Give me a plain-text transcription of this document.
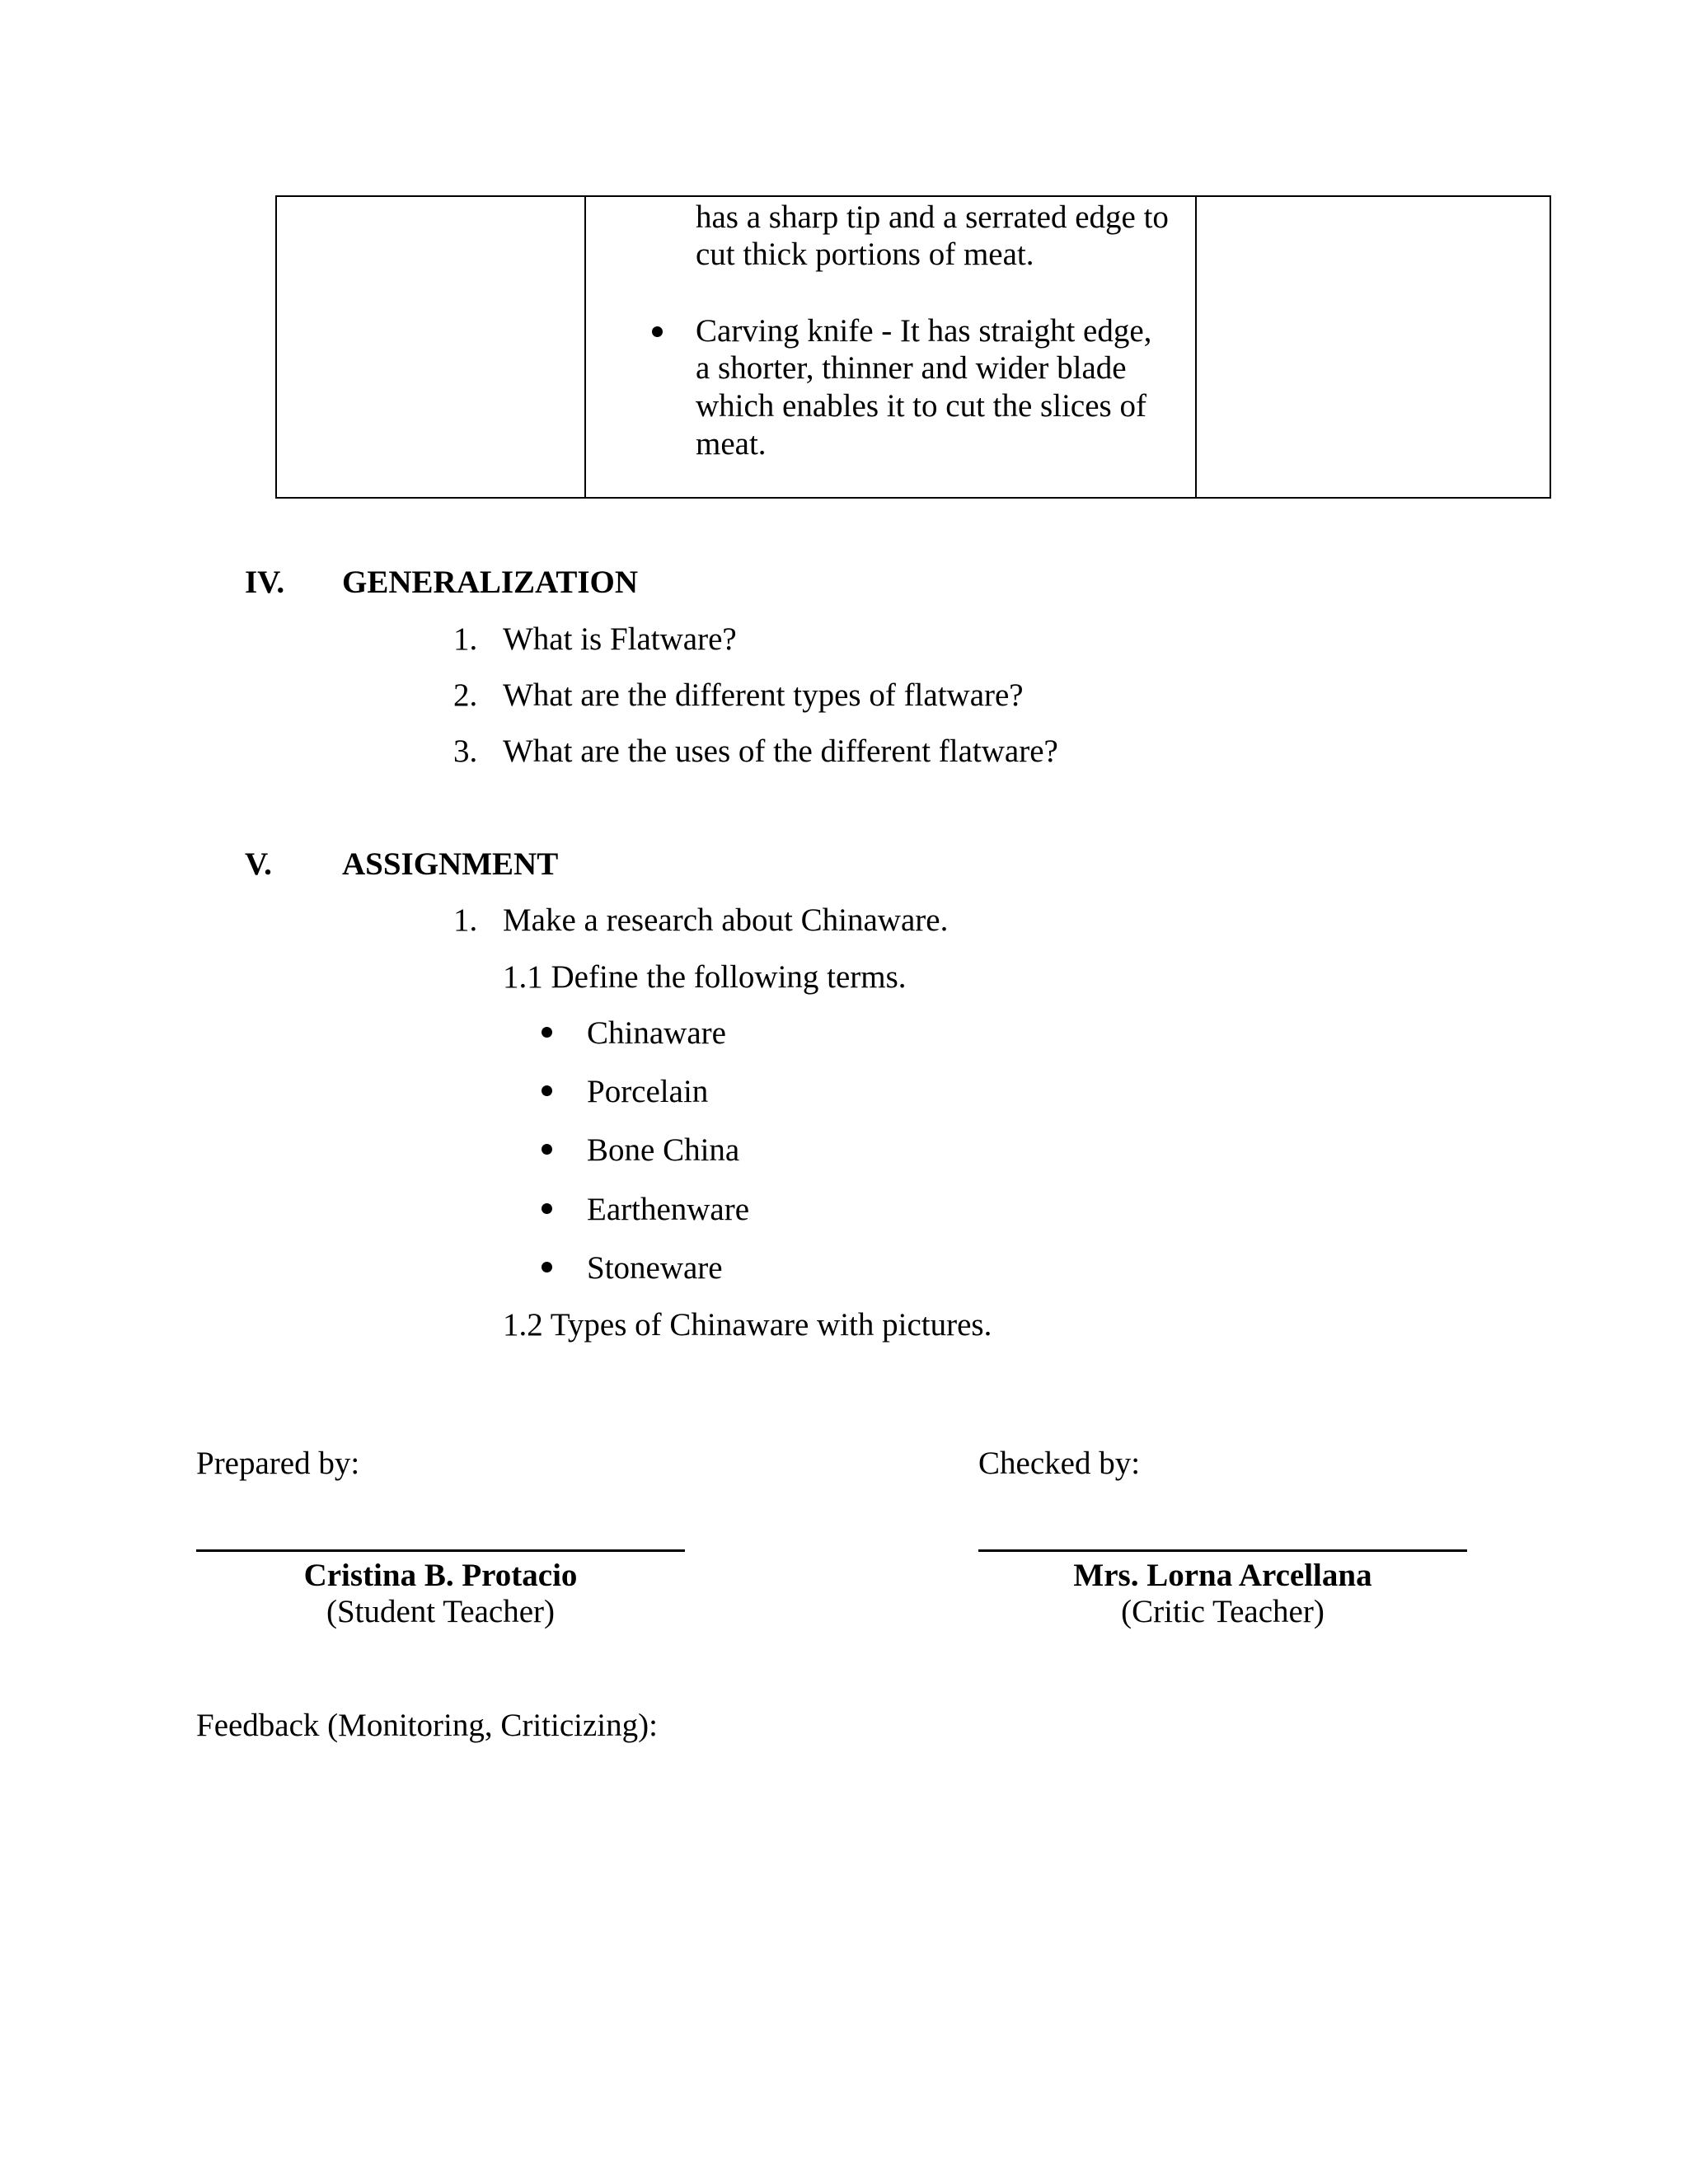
has a sharp tip and a serrated edge to
cut thick portions of meat.
Carving knife - It has straight edge,
a shorter, thinner and wider blade
which enables it to cut the slices of
meat.
IV. GENERALIZATION
1. What is Flatware?
2. What are the different types of flatware?
3. What are the uses of the different flatware?
V. ASSIGNMENT
1. Make a research about Chinaware.
1.1 Define the following terms.
Chinaware
Porcelain
Bone China
Earthenware
Stoneware
1.2 Types of Chinaware with pictures.
Prepared by:	Checked by:
Cristina B. Protacio
(Student Teacher)
Mrs. Lorna Arcellana
(Critic Teacher)
Feedback (Monitoring, Criticizing):
